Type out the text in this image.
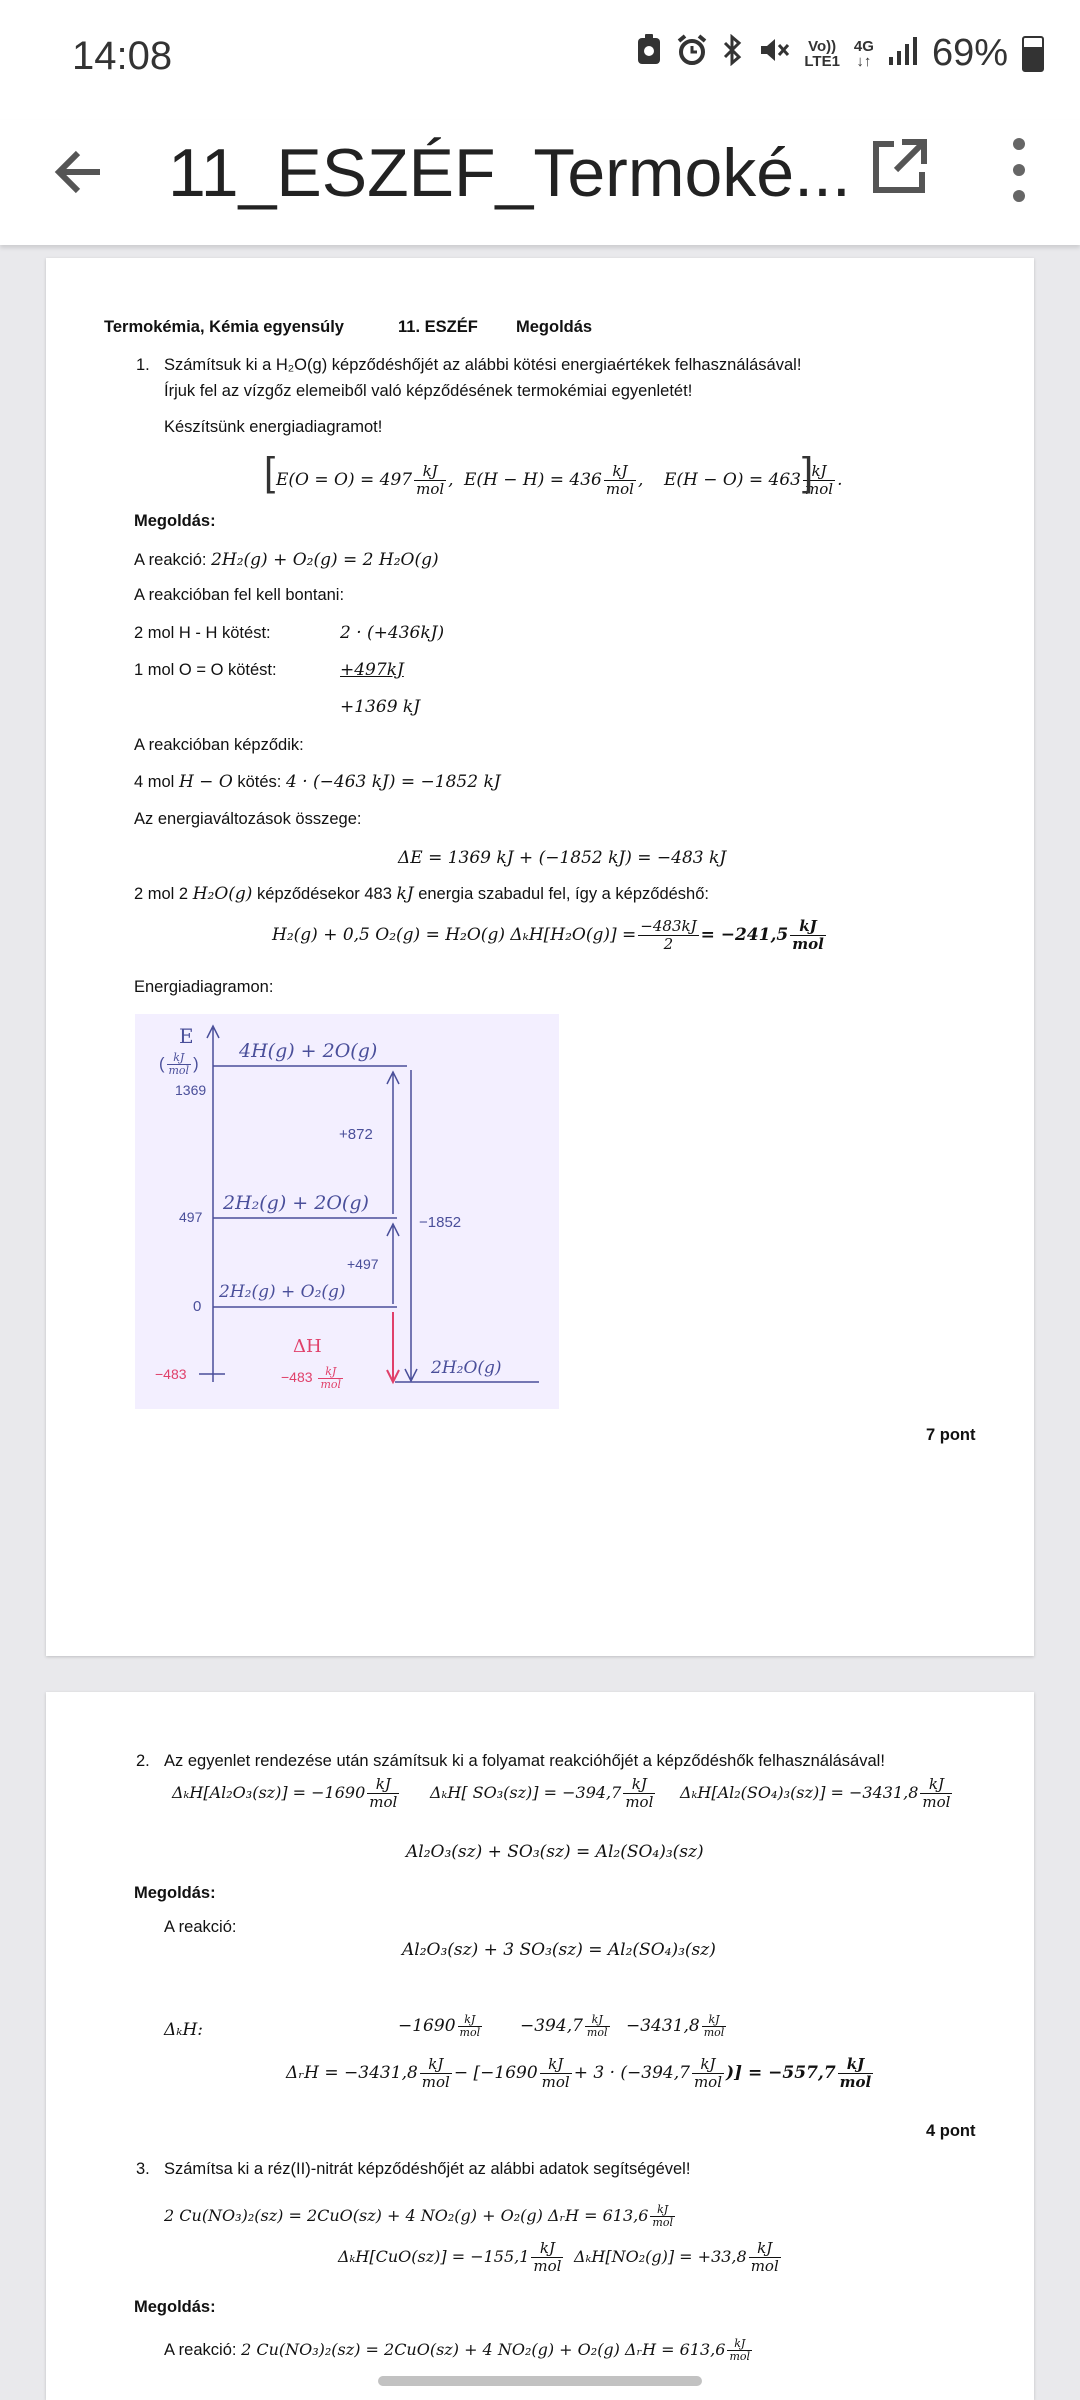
14:08	Vo))
LTE1
4G
↓↑ 69%
11_ESZÉF_Termoké...
Termokémia, Kémia egyensúly	11. ESZÉF Megoldás
1. Számítsuk ki a H₂O(g) képződéshőjét az alábbi kötési energiaértékek felhasználásával!
Írjuk fel az vízgőz elemeiből való képződésének termokémiai egyenletét!
Készítsünk energiadiagramot!
[ $E(O = O) = 497 \frac{kJ}{\text{mol}}$ , $E(H - H) = 436 \frac{kJ}{\text{mol}}$ , $E(H - O) = 463 \frac{kJ}{\text{mol}}$ .
]
Megoldás:
A reakció: 2H₂(g) + O₂(g) = 2 H₂O(g)
A reakcióban fel kell bontani:
2 mol H - H kötést:	2 · (+436kJ)
1 mol O = O kötést:	+497kJ
+1369 kJ
A reakcióban képződik:
4 mol H − O kötés: 4 · (−463 kJ) = −1852 kJ
Az energiaváltozások összege:
ΔE = 1369 kJ + (−1852 kJ) = −483 kJ
2 mol 2 H₂O(g) képződésekor 483 kJ energia szabadul fel, így a képződéshő:
H₂(g) + 0,5 O₂(g) = H₂O(g) $\Delta_kH[H_2O(g)] = \frac{-483kJ}{2} = -241,5 \frac{kJ}{\text{mol}}$
Energiadiagramon:
7 pont
E
( $\frac{kJ}{\text{mol}}$ )
1369
497
0
−483
4H(g) + 2O(g)
2H₂(g) + 2O(g)
2H₂(g) + O₂(g)
2H₂O(g)
+872
+497
−1852
ΔH
$-483 \frac{kJ}{\text{mol}}$
2. Az egyenlet rendezése után számítsuk ki a folyamat reakcióhőjét a képződéshők felhasználásával!
$\Delta_kH[Al_2O_3(sz)] = -1690 \frac{kJ}{\text{mol}} \Delta_kH$[ $SO_3(sz)] = -394,7 \frac{kJ}{\text{mol}} \Delta_kH[Al_2(SO_4)_3(sz)] = -3431,8 \frac{kJ}{\text{mol}}$
Al₂O₃(sz) + SO₃(sz) = Al₂(SO₄)₃(sz)
Megoldás:
A reakció:
Al₂O₃(sz) + 3 SO₃(sz) = Al₂(SO₄)₃(sz)
ΔₖH:	$-1690 \frac{kJ}{\text{mol}} -394,7 \frac{kJ}{\text{mol}} -3431,8 \frac{kJ}{\text{mol}}$
ΔᵣH = $-3431,8 \frac{kJ}{\text{mol}} - [-1690 \frac{kJ}{\text{mol}} + 3 \cdot (-394,7 \frac{kJ}{\text{mol}}$ )] = $-557,7 \frac{kJ}{\text{mol}}$
4 pont
3. Számítsa ki a réz(II)-nitrát képződéshőjét az alábbi adatok segítségével!
2 Cu(NO₃)₂(sz) = 2CuO(sz) + 4 NO₂(g) + O₂(g) ΔᵣH = $613,6 \frac{kJ}{\text{mol}}$
$\Delta_kH[CuO(sz)] = -155,1 \frac{kJ}{\text{mol}} \Delta_kH[NO_2(g)] = +33,8 \frac{kJ}{\text{mol}}$
Megoldás:
A reakció: 2 Cu(NO₃)₂(sz) = 2CuO(sz) + 4 NO₂(g) + O₂(g) ΔᵣH = $613,6 \frac{kJ}{\text{mol}}$
